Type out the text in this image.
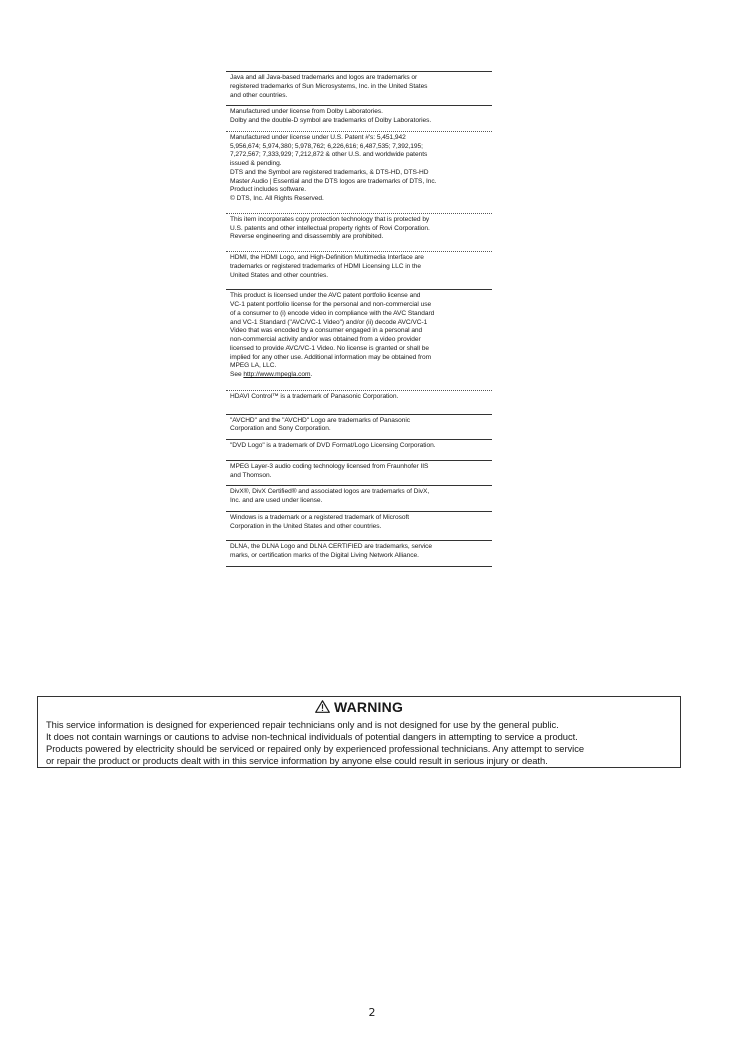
Java and all Java-based trademarks and logos are trademarks or
registered trademarks of Sun Microsystems, Inc. in the United States
and other countries.
Manufactured under license from Dolby Laboratories.
Dolby and the double-D symbol are trademarks of Dolby Laboratories.
Manufactured under license under U.S. Patent #'s: 5,451,942
5,956,674; 5,974,380; 5,978,762; 6,226,616; 6,487,535; 7,392,195;
7,272,567; 7,333,929; 7,212,872 & other U.S. and worldwide patents
issued & pending.
DTS and the Symbol are registered trademarks, & DTS-HD, DTS-HD
Master Audio | Essential and the DTS logos are trademarks of DTS, Inc.
Product includes software.
© DTS, Inc. All Rights Reserved.
This item incorporates copy protection technology that is protected by
U.S. patents and other intellectual property rights of Rovi Corporation.
Reverse engineering and disassembly are prohibited.
HDMI, the HDMI Logo, and High-Definition Multimedia Interface are
trademarks or registered trademarks of HDMI Licensing LLC in the
United States and other countries.
This product is licensed under the AVC patent portfolio license and
VC-1 patent portfolio license for the personal and non-commercial use
of a consumer to (i) encode video in compliance with the AVC Standard
and VC-1 Standard ("AVC/VC-1 Video") and/or (ii) decode AVC/VC-1
Video that was encoded by a consumer engaged in a personal and
non-commercial activity and/or was obtained from a video provider
licensed to provide AVC/VC-1 Video. No license is granted or shall be
implied for any other use. Additional information may be obtained from
MPEG LA, LLC.
See http://www.mpegla.com.
HDAVI Control™ is a trademark of Panasonic Corporation.
"AVCHD" and the "AVCHD" Logo are trademarks of Panasonic
Corporation and Sony Corporation.
"DVD Logo" is a trademark of DVD Format/Logo Licensing Corporation.
MPEG Layer-3 audio coding technology licensed from Fraunhofer IIS
and Thomson.
DivX®, DivX Certified® and associated logos are trademarks of DivX,
Inc. and are used under license.
Windows is a trademark or a registered trademark of Microsoft
Corporation in the United States and other countries.
DLNA, the DLNA Logo and DLNA CERTIFIED are trademarks, service
marks, or certification marks of the Digital Living Network Alliance.
WARNING
This service information is designed for experienced repair technicians only and is not designed for use by the general public.
It does not contain warnings or cautions to advise non-technical individuals of potential dangers in attempting to service a product.
Products powered by electricity should be serviced or repaired only by experienced professional technicians. Any attempt to service
or repair the product or products dealt with in this service information by anyone else could result in serious injury or death.
2
